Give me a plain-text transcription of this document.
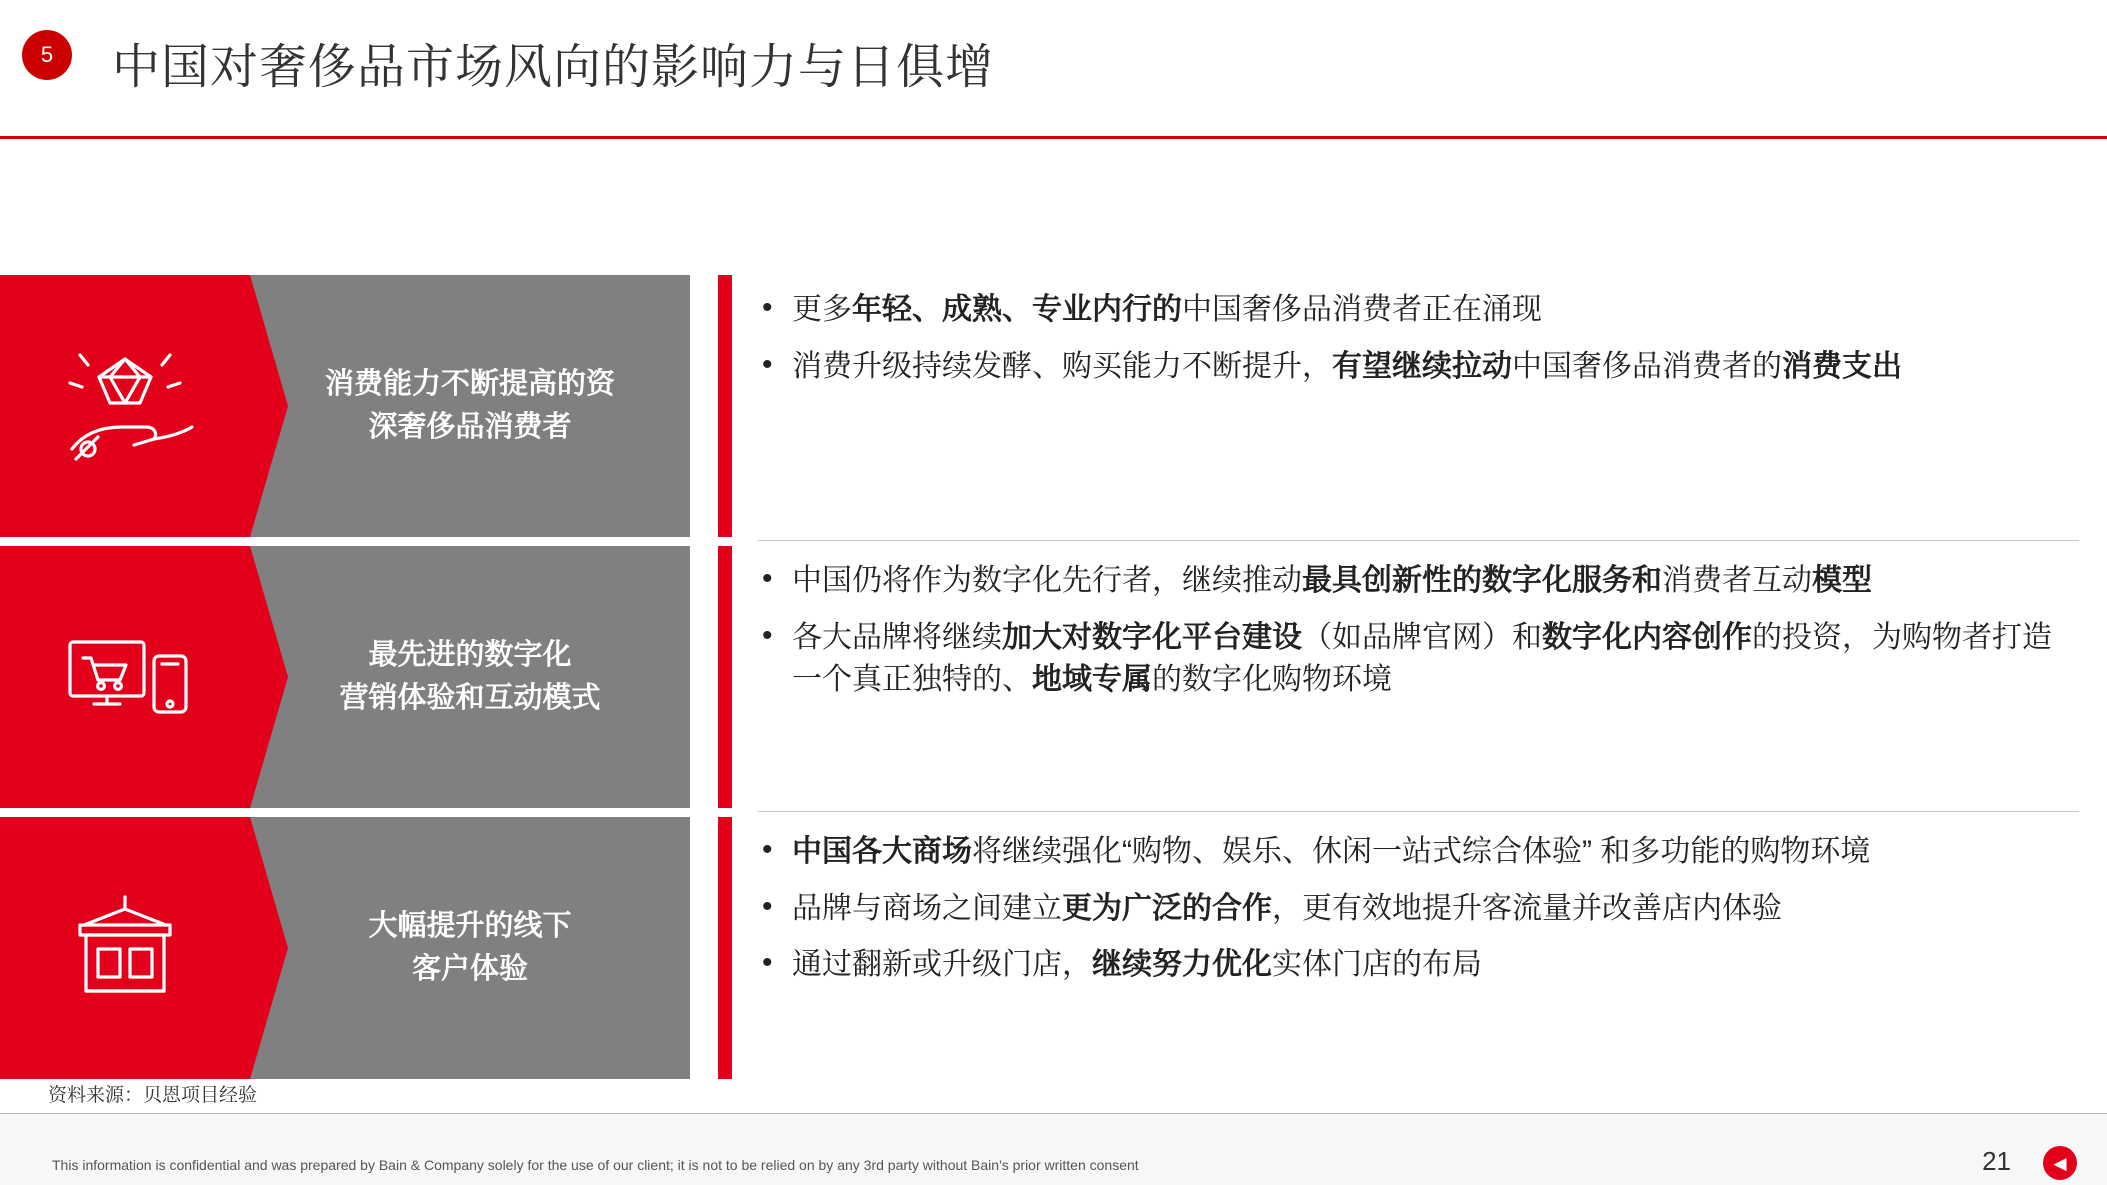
5	中国对奢侈品市场风向的影响力与日俱增
消费能力不断提高的资
深奢侈品消费者
• 更多年轻、成熟、专业内行的中国奢侈品消费者正在涌现
• 消费升级持续发酵、购买能力不断提升，有望继续拉动中国奢侈品消费者的消费支出
最先进的数字化
营销体验和互动模式
• 中国仍将作为数字化先行者，继续推动最具创新性的数字化服务和消费者互动模型
• 各大品牌将继续加大对数字化平台建设（如品牌官网）和数字化内容创作的投资，为购物者打造一个真正独特的、地域专属的数字化购物环境
大幅提升的线下
客户体验
• 中国各大商场将继续强化“购物、娱乐、休闲一站式综合体验” 和多功能的购物环境
• 品牌与商场之间建立更为广泛的合作，更有效地提升客流量并改善店内体验
• 通过翻新或升级门店，继续努力优化实体门店的布局
资料来源：贝恩项目经验
This information is confidential and was prepared by Bain & Company solely for the use of our client; it is not to be relied on by any 3rd party without Bain's prior written consent	21 ◀
